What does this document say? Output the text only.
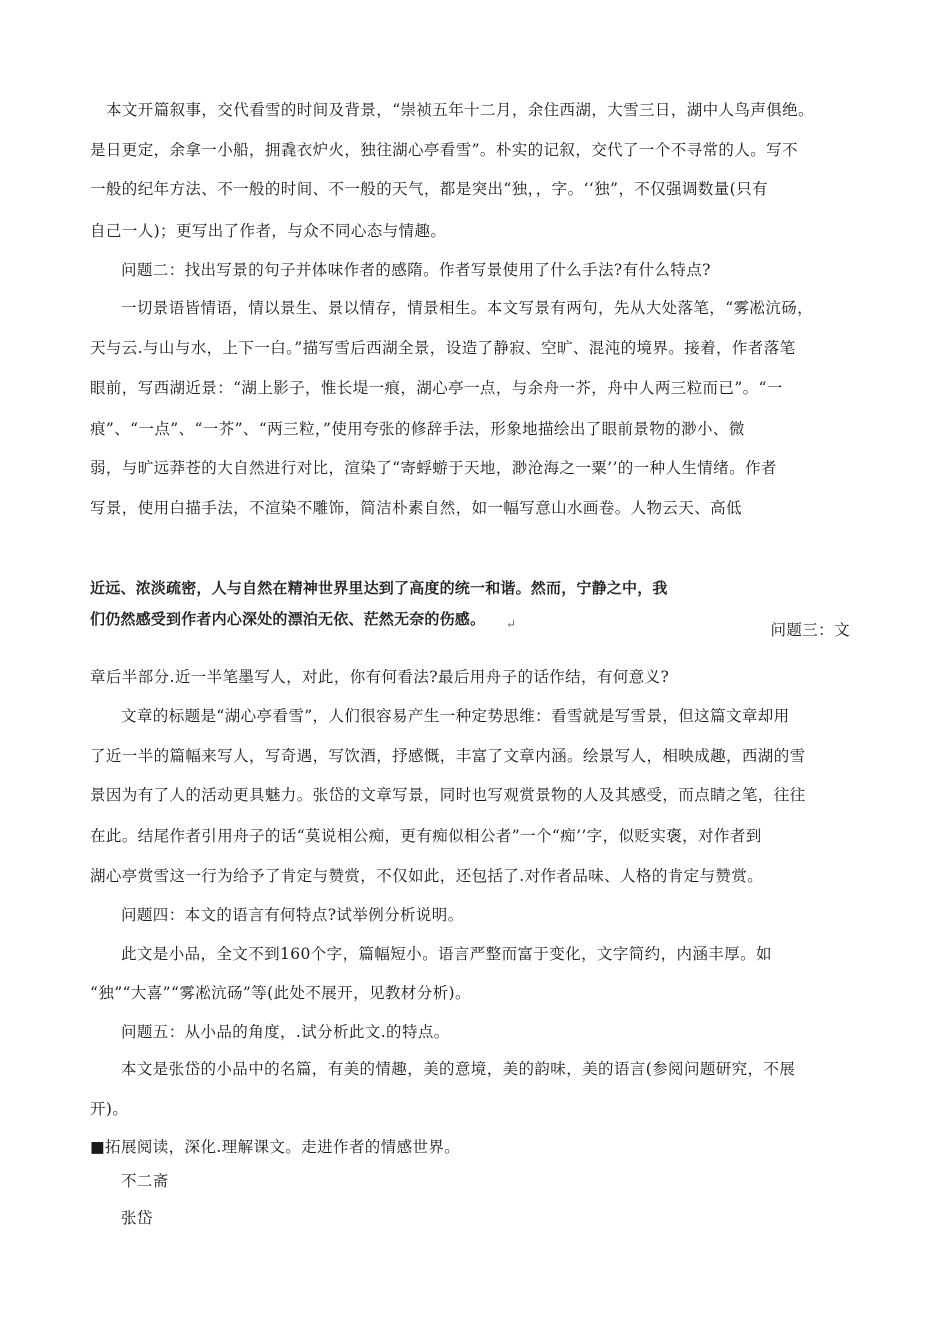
本文开篇叙事，交代看雪的时间及背景，“崇祯五年十二月，余住西湖，大雪三日，湖中人鸟声俱绝。
是日更定，余拿一小船，拥毳衣炉火，独往湖心亭看雪”。朴实的记叙，交代了一个不寻常的人。写不
一般的纪年方法、不一般的时间、不一般的天气，都是突出“独，，字。‘‘独”，不仅强调数量(只有
自己一人)；更写出了作者，与众不同心态与情趣。
问题二：找出写景的句子并体味作者的感隋。作者写景使用了什么手法?有什么特点?
一切景语皆情语，情以景生、景以情存，情景相生。本文写景有两句，先从大处落笔，“雾凇沆砀，
天与云.与山与水，上下一白。”描写雪后西湖全景，设造了静寂、空旷、混沌的境界。接着，作者落笔
眼前，写西湖近景：“湖上影子，惟长堤一痕，湖心亭一点，与余舟一芥，舟中人两三粒而已”。“一
痕”、“一点”、“一芥”、“两三粒，”使用夸张的修辞手法，形象地描绘出了眼前景物的渺小、微
弱，与旷远莽苍的大自然进行对比，渲染了“寄蜉蝣于天地，渺沧海之一粟’’的一种人生情绪。作者
写景，使用白描手法，不渲染不雕饰，简洁朴素自然，如一幅写意山水画卷。人物云天、高低
近远、浓淡疏密，人与自然在精神世界里达到了高度的统一和谐。然而，宁静之中，我
们仍然感受到作者内心深处的漂泊无依、茫然无奈的伤感。 ↵	问题三：文
章后半部分.近一半笔墨写人，对此，你有何看法?最后用舟子的话作结，有何意义?
文章的标题是“湖心亭看雪”，人们很容易产生一种定势思维：看雪就是写雪景，但这篇文章却用
了近一半的篇幅来写人，写奇遇，写饮酒，抒感慨，丰富了文章内涵。绘景写人，相映成趣，西湖的雪
景因为有了人的活动更具魅力。张岱的文章写景，同时也写观赏景物的人及其感受，而点睛之笔，往往
在此。结尾作者引用舟子的话“莫说相公痴，更有痴似相公者”一个“痴’’字，似贬实褒，对作者到
湖心亭赏雪这一行为给予了肯定与赞赏，不仅如此，还包括了.对作者品味、人格的肯定与赞赏。
问题四：本文的语言有何特点?试举例分析说明。
此文是小品，全文不到160个字，篇幅短小。语言严整而富于变化，文字简约，内涵丰厚。如
“独”“大喜”“雾凇沆砀”等(此处不展开，见教材分析)。
问题五：从小品的角度，.试分析此文.的特点。
本文是张岱的小品中的名篇，有美的情趣，美的意境，美的韵味，美的语言(参阅问题研究，不展
开)。
■拓展阅读，深化.理解课文。走进作者的情感世界。
不二斋
张岱
